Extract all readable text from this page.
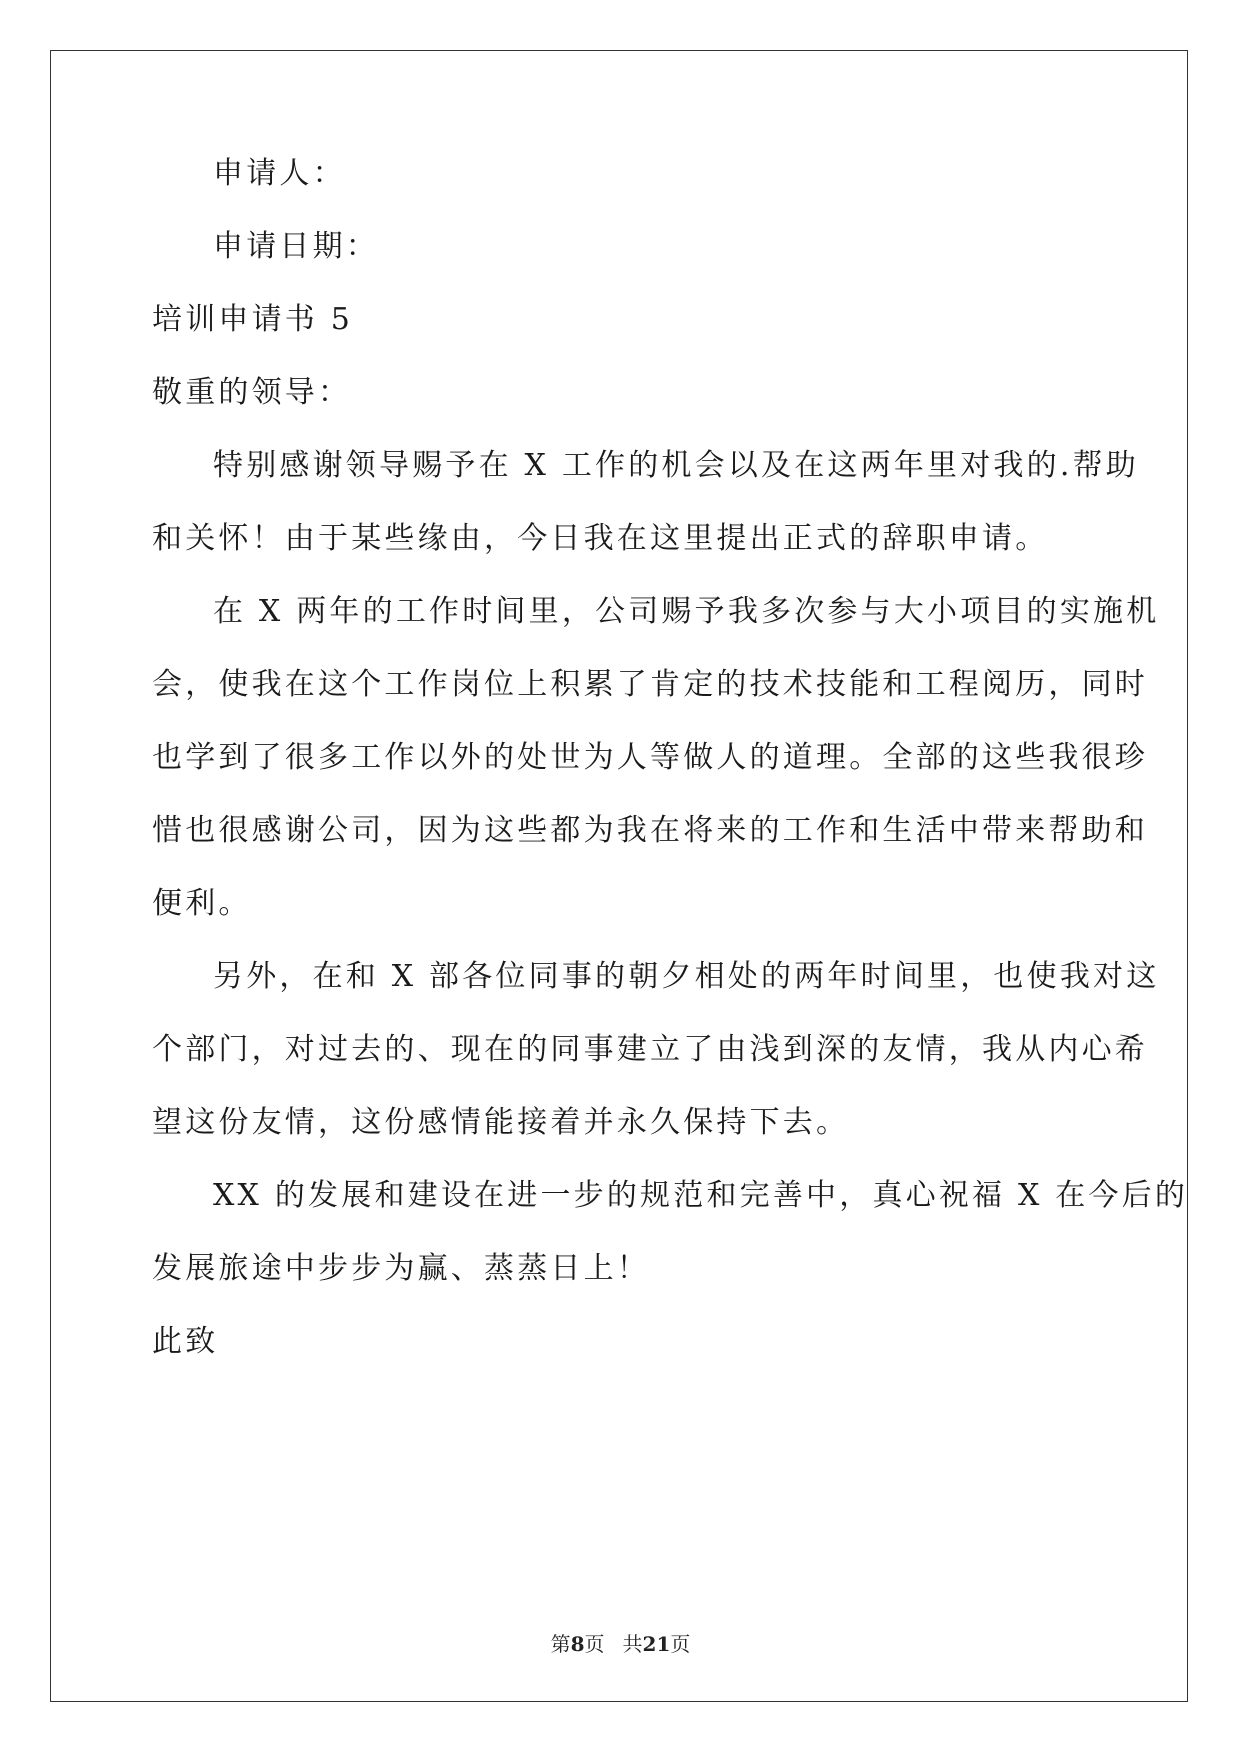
申请人：
申请日期：
培训申请书 5
敬重的领导：
特别感谢领导赐予在 X 工作的机会以及在这两年里对我的.帮助
和关怀！由于某些缘由，今日我在这里提出正式的辞职申请。
在 X 两年的工作时间里，公司赐予我多次参与大小项目的实施机
会，使我在这个工作岗位上积累了肯定的技术技能和工程阅历，同时
也学到了很多工作以外的处世为人等做人的道理。全部的这些我很珍
惜也很感谢公司，因为这些都为我在将来的工作和生活中带来帮助和
便利。
另外，在和 X 部各位同事的朝夕相处的两年时间里，也使我对这
个部门，对过去的、现在的同事建立了由浅到深的友情，我从内心希
望这份友情，这份感情能接着并永久保持下去。
XX 的发展和建设在进一步的规范和完善中，真心祝福 X 在今后的
发展旅途中步步为赢、蒸蒸日上！
此致
第8页 共21页
